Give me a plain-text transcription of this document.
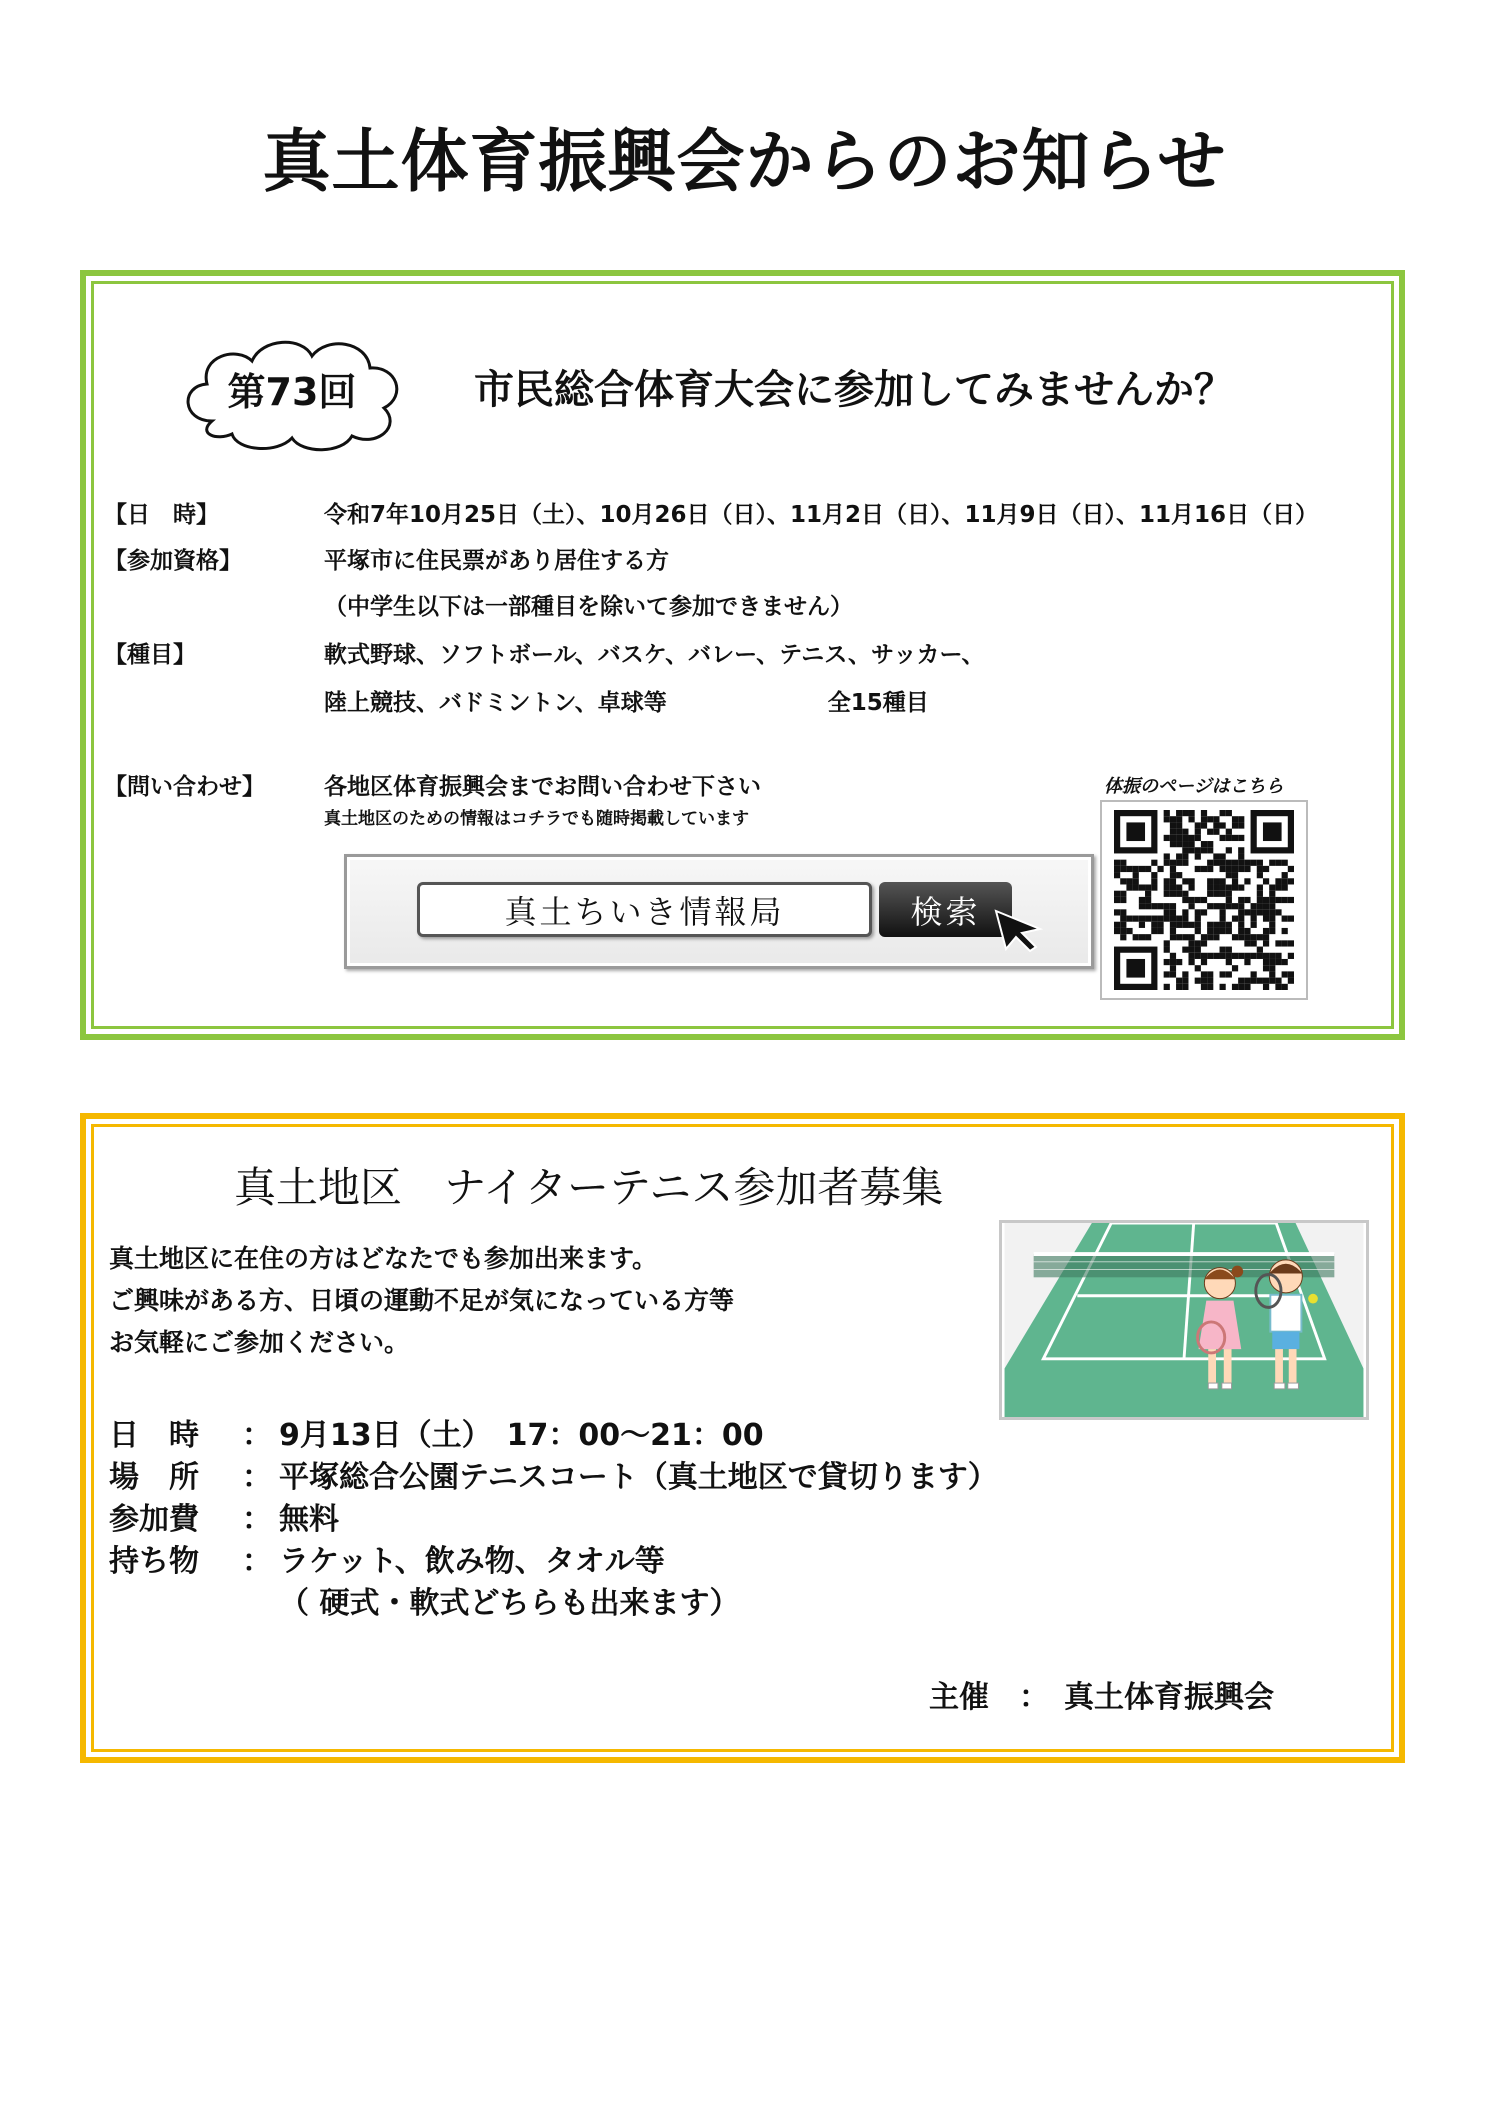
真土体育振興会からのお知らせ
第73回	市民総合体育大会に参加してみませんか？
【日　時】	令和7年10月25日（土）、10月26日（日）、11月2日（日）、11月9日（日）、11月16日（日）
【参加資格】	平塚市に住民票があり居住する方
（中学生以下は一部種目を除いて参加できません）
【種目】	軟式野球、ソフトボール、バスケ、バレー、テニス、サッカー、
陸上競技、バドミントン、卓球等　　　　　　　全15種目
【問い合わせ】	各地区体育振興会までお問い合わせ下さい
真土地区のための情報はコチラでも随時掲載しています
真土ちいき情報局	検索
体振のページはこちら
真土地区　ナイターテニス参加者募集
真土地区に在住の方はどなたでも参加出来ます。
ご興味がある方、日頃の運動不足が気になっている方等
お気軽にご参加ください。
日　時 ： 9月13日（土）　17：00～21：00
場　所 ： 平塚総合公園テニスコート（真土地区で貸切ります）
参加費 ： 無料
持ち物 ： ラケット、飲み物、タオル等
（ 硬式・軟式どちらも出来ます）
主催　：　真土体育振興会
